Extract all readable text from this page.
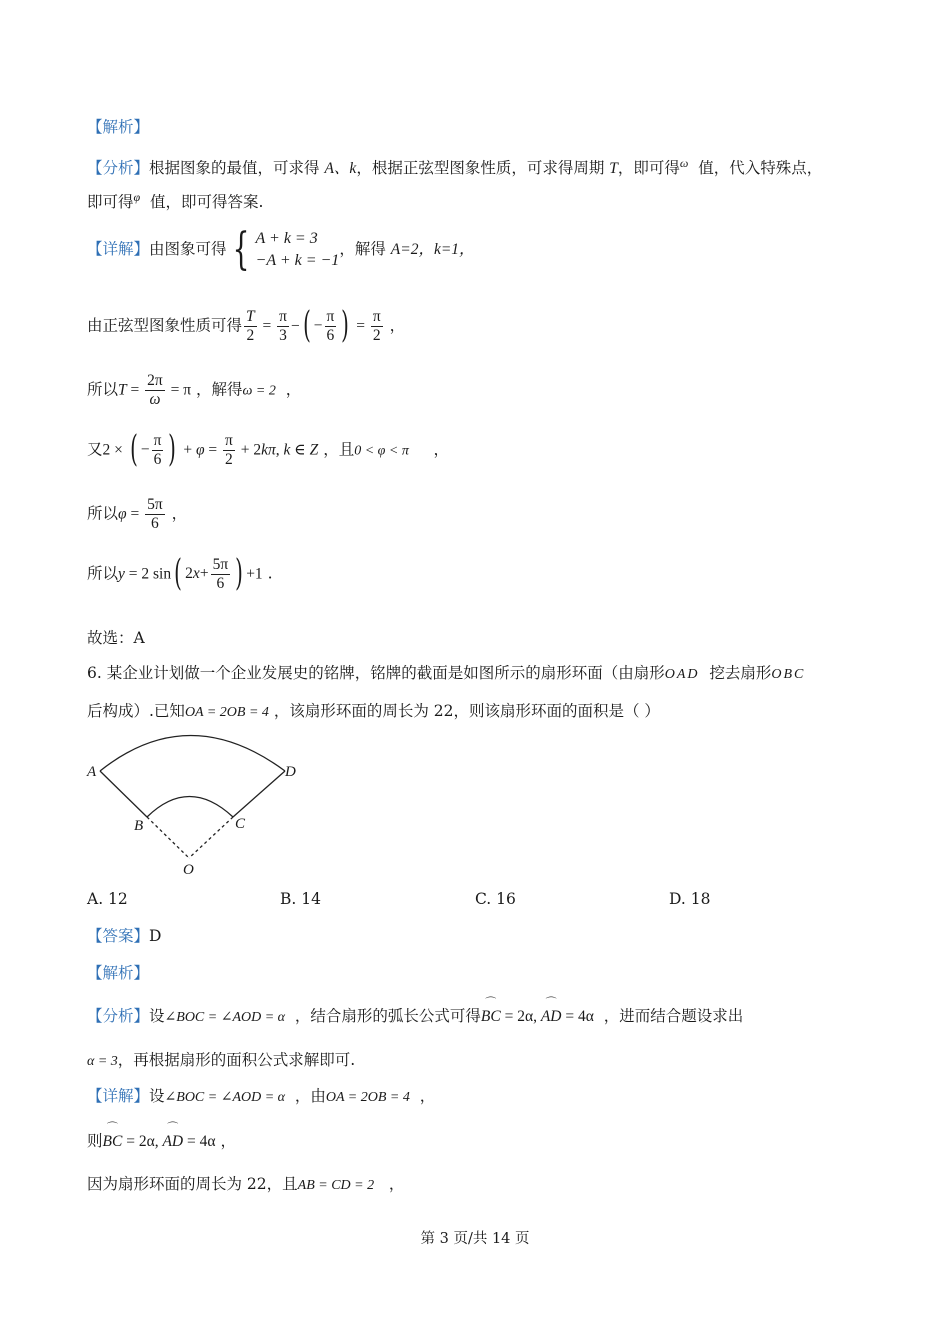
【解析】
【分析】根据图象的最值，可求得 A、k，根据正弦型图象性质，可求得周期 T，即可得$^\omega$ 值，代入特殊点，
即可得$^\varphi$ 值，即可得答案.
【详解】由图象可得 { A + k = 3
−A + k = −1
，解得 A=2，k=1，
由正弦型图象性质可得 $\frac{T}{2} = \frac{\pi}{3}$ − ( − $\frac{\pi}{6}$ ) = $\frac{\pi}{2}$ ，
所以$T = \frac{2\pi}{\omega} = \pi$ ，解得ω = 2 ，
又2 × ( − $\frac{\pi}{6}$ ) + $\varphi = \frac{\pi}{2} + 2k\pi$, k ∈ Z ，且0 < φ < π ，
所以$\varphi = \frac{5\pi}{6}$ ，
所以y = 2 sin ( 2 $x + \frac{5\pi}{6}$ ) +1 .
故选：A
6. 某企业计划做一个企业发展史的铭牌，铭牌的截面是如图所示的扇形环面（由扇形OAD 挖去扇形OBC
后构成）.已知OA = 2OB = 4 ，该扇形环面的周长为 22，则该扇形环面的面积是（ ）
A	D
B	C
O
A. 12	B. 14	C. 16	D. 18
【答案】D
【解析】
【分析】设∠BOC = ∠AOD = α ，结合扇形的弧长公式可得⌒ BC = 2α, ⌒ AD = 4α ，进而结合题设求出
α = 3，再根据扇形的面积公式求解即可.
【详解】设∠BOC = ∠AOD = α ，由OA = 2OB = 4 ，
则⌒ BC = 2α, ⌒ AD = 4α ，
因为扇形环面的周长为 22，且AB = CD = 2 ，
第 3 页/共 14 页
